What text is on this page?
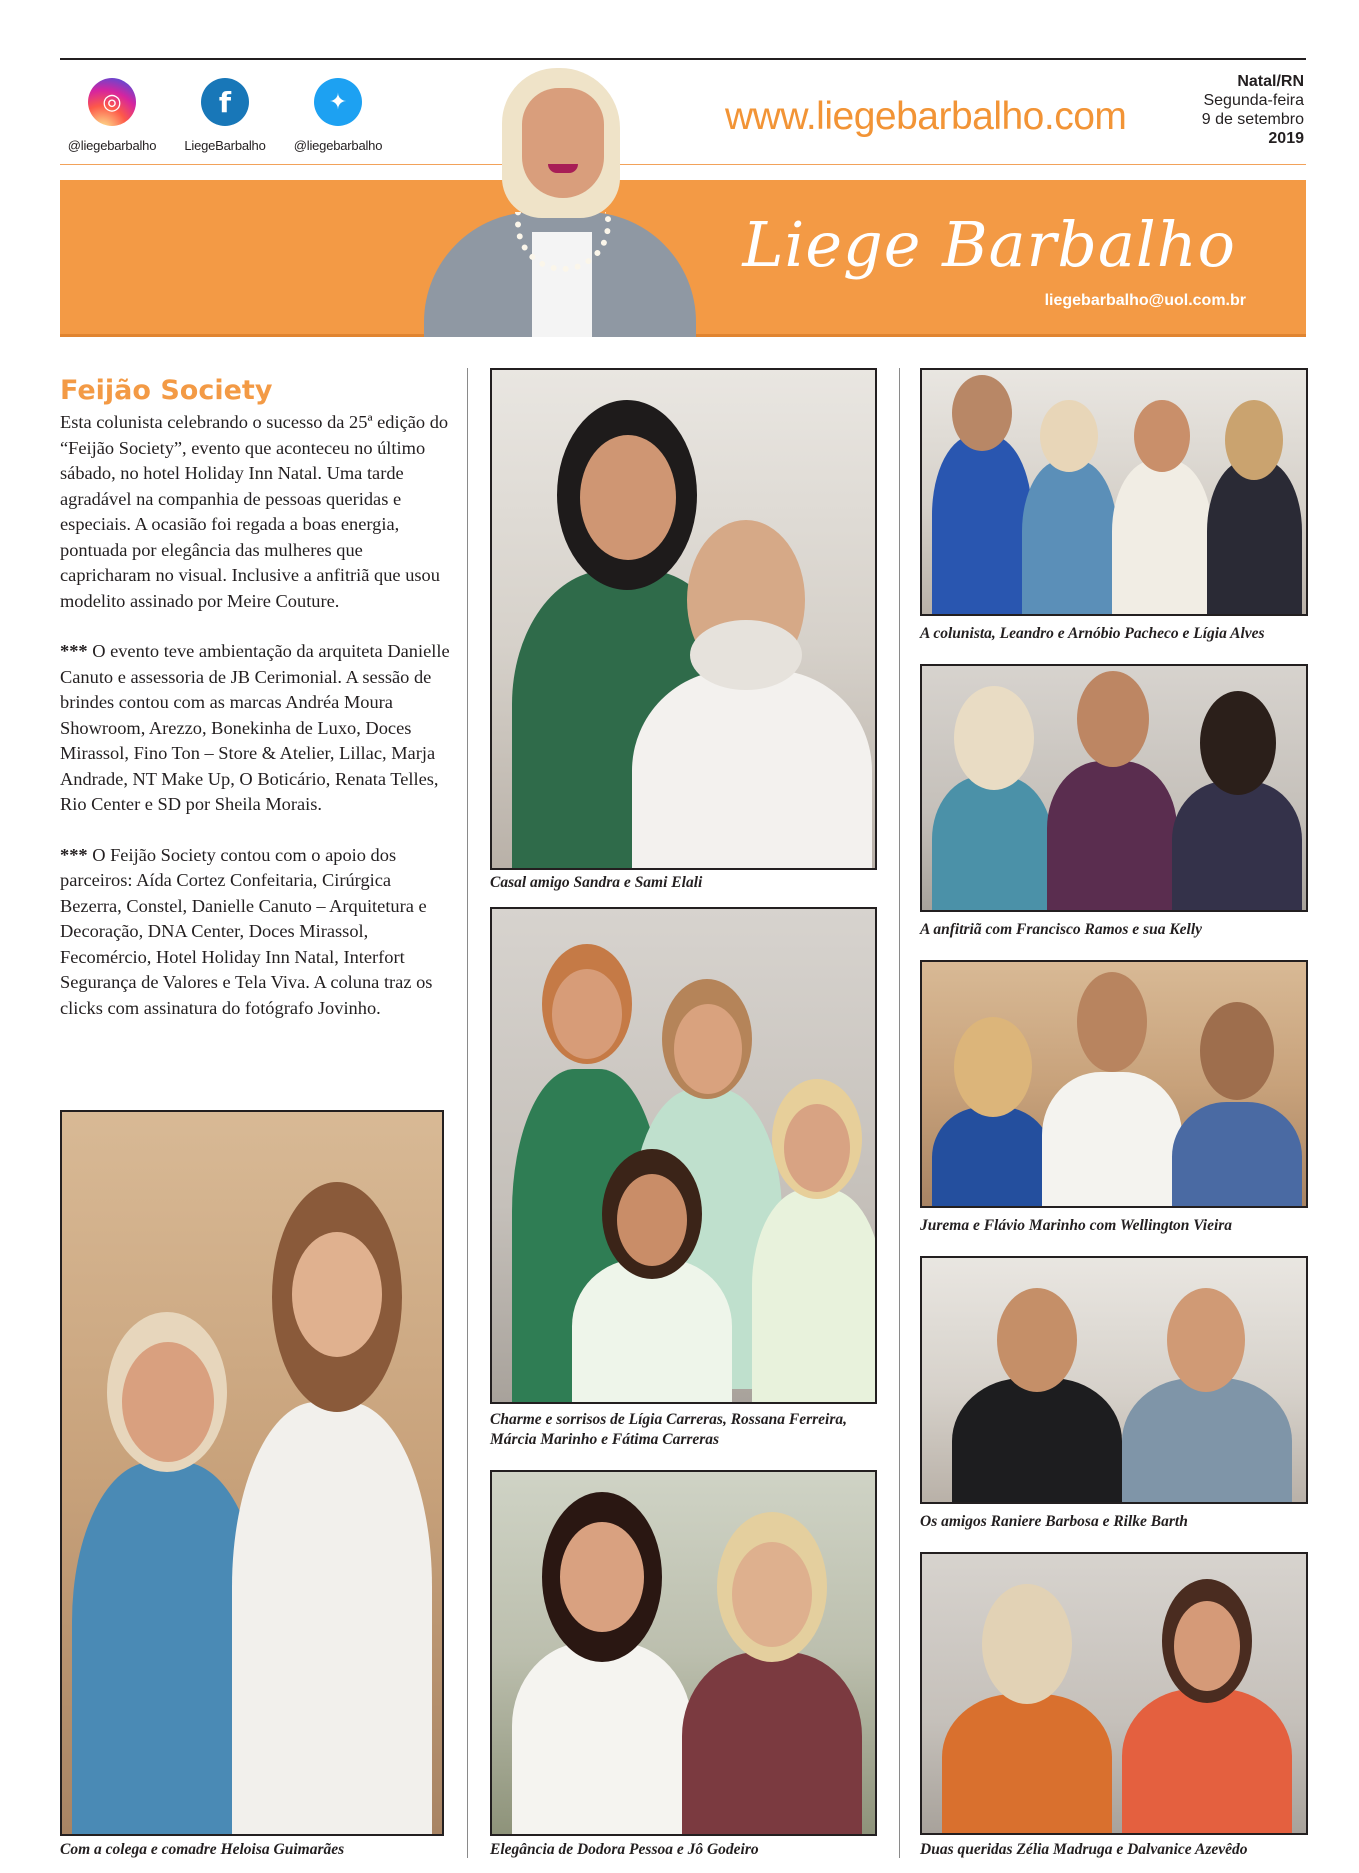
◎
@liegebarbalho
f
LiegeBarbalho
✦
@liegebarbalho
www.liegebarbalho.com
Natal/RN
Segunda-feira
9 de setembro
2019
Liege Barbalho
liegebarbalho@uol.com.br
Feijão Society

Esta colunista celebrando o sucesso da 25ª edição do “Feijão Society”, evento que aconteceu no último sábado, no hotel Holiday Inn Natal. Uma tarde agradável na companhia de pessoas queridas e especiais. A ocasião foi regada a boas energia, pontuada por elegância das mulheres que capricharam no visual. Inclusive a anfitriã que usou modelito assinado por Meire Couture.

*** O evento teve ambientação da arquiteta Danielle Canuto e assessoria de JB Cerimonial. A sessão de brindes contou com as marcas Andréa Moura Showroom, Arezzo, Bonekinha de Luxo, Doces Mirassol, Fino Ton – Store & Atelier, Lillac, Marja Andrade, NT Make Up, O Boticário, Renata Telles, Rio Center e SD por Sheila Morais.

*** O Feijão Society contou com o apoio dos parceiros: Aída Cortez Confeitaria, Cirúrgica Bezerra, Constel, Danielle Canuto – Arquitetura e Decoração, DNA Center, Doces Mirassol, Fecomércio, Hotel Holiday Inn Natal, Interfort Segurança de Valores e Tela Viva. A coluna traz os clicks com assinatura do fotógrafo Jovinho.

Com a colega e comadre Heloisa Guimarães
Casal amigo Sandra e Sami Elali
Charme e sorrisos de Lígia Carreras, Rossana Ferreira, Márcia Marinho e Fátima Carreras
Elegância de Dodora Pessoa e Jô Godeiro
A colunista, Leandro e Arnóbio Pacheco e Lígia Alves
A anfitriã com Francisco Ramos e sua Kelly
Jurema e Flávio Marinho com Wellington Vieira
Os amigos Raniere Barbosa e Rilke Barth
Duas queridas Zélia Madruga e Dalvanice Azevêdo
